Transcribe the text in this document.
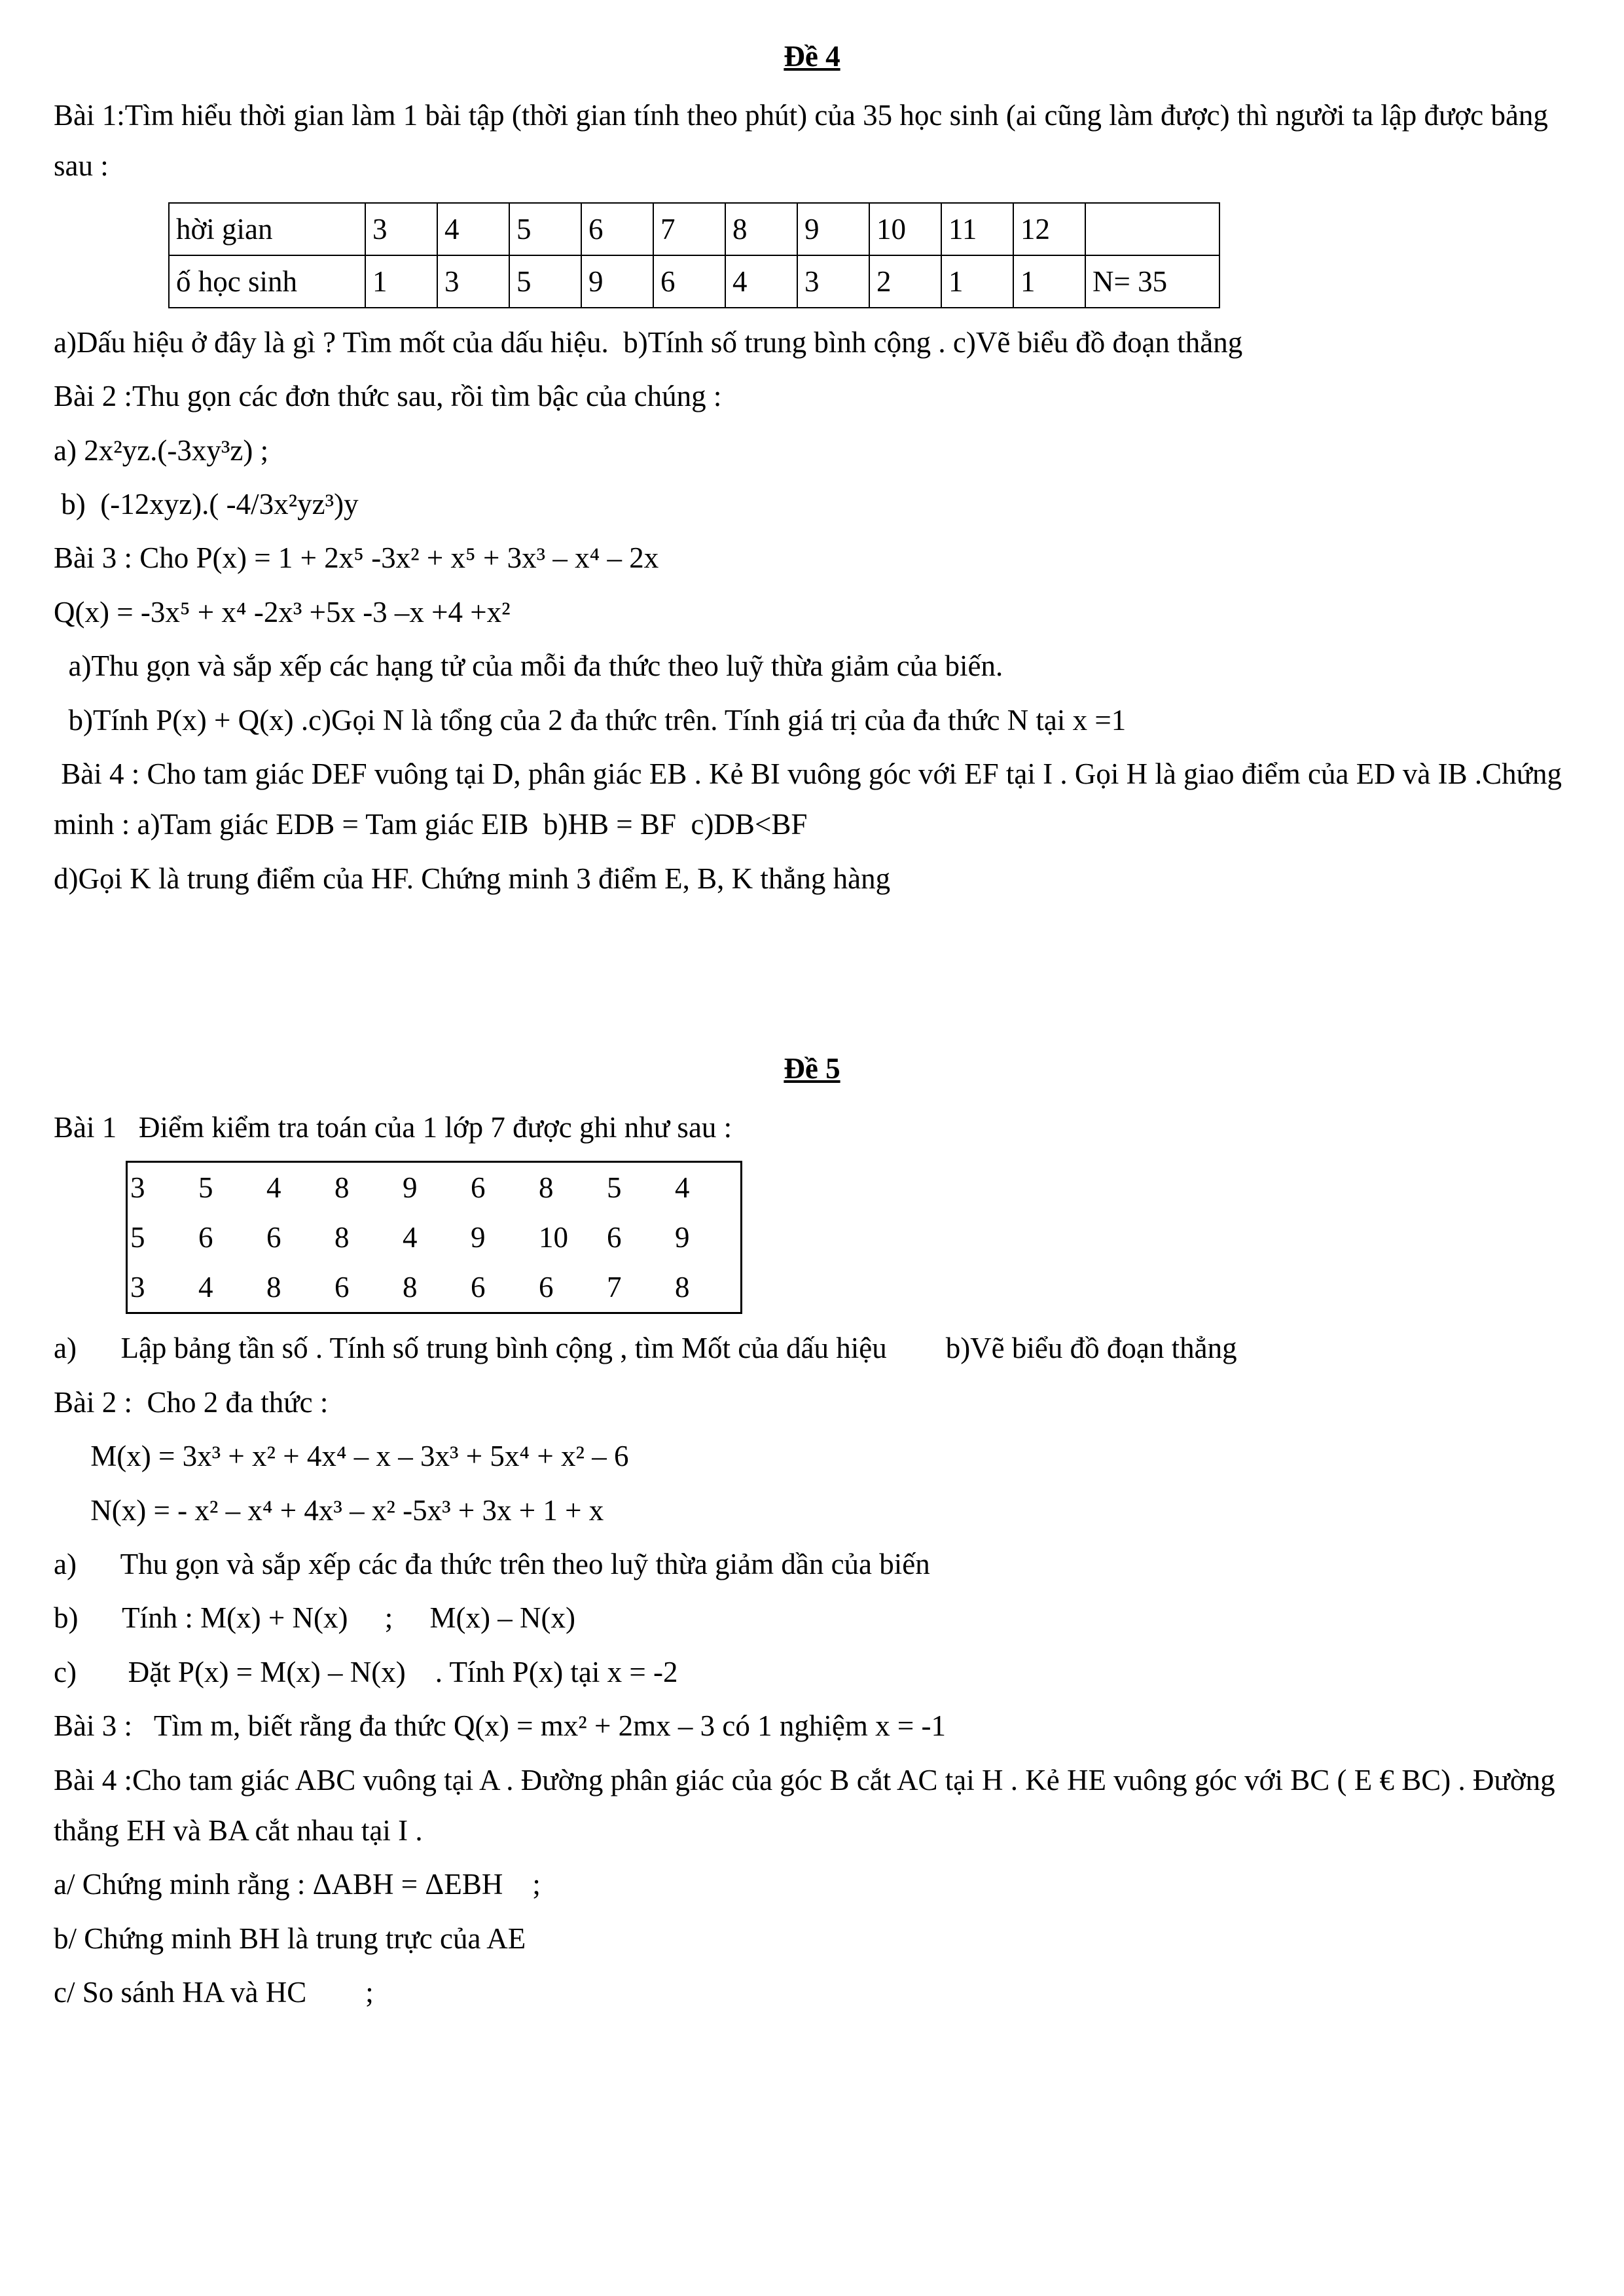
Đề 4

Bài 1:Tìm hiểu thời gian làm 1 bài tập (thời gian tính theo phút) của 35 học sinh (ai cũng làm được) thì người ta lập được bảng sau :

hời gian	3	4	5	6	7	8	9	10	11	12	
ố học sinh	1	3	5	9	6	4	3	2	1	1	N= 35

a)Dấu hiệu ở đây là gì ? Tìm mốt của dấu hiệu.  b)Tính số trung bình cộng . c)Vẽ biểu đồ đoạn thẳng

Bài 2 :Thu gọn các đơn thức sau, rồi tìm bậc của chúng :

a) 2x²yz.(-3xy³z) ;

b)  (-12xyz).( -4/3x²yz³)y

Bài 3 : Cho P(x) = 1 + 2x⁵ -3x² + x⁵ + 3x³ – x⁴ – 2x

Q(x) = -3x⁵ + x⁴ -2x³ +5x -3 –x +4 +x²

a)Thu gọn và sắp xếp các hạng tử của mỗi đa thức theo luỹ thừa giảm của biến.

b)Tính P(x) + Q(x) .c)Gọi N là tổng của 2 đa thức trên. Tính giá trị của đa thức N tại x =1

Bài 4 : Cho tam giác DEF vuông tại D, phân giác EB . Kẻ BI vuông góc với EF tại I . Gọi H là giao điểm của ED và IB .Chứng minh : a)Tam giác EDB = Tam giác EIB  b)HB = BF  c)DB<BF

d)Gọi K là trung điểm của HF. Chứng minh 3 điểm E, B, K thẳng hàng

Đề 5

Bài 1   Điểm kiểm tra toán của 1 lớp 7 được ghi như sau :

3	5	4	8	9	6	8	5	4
5	6	6	8	4	9	10	6	9
3	4	8	6	8	6	6	7	8

a)      Lập bảng tần số . Tính số trung bình cộng , tìm Mốt của dấu hiệu        b)Vẽ biểu đồ đoạn thẳng

Bài 2 :  Cho 2 đa thức :

M(x) = 3x³ + x² + 4x⁴ – x – 3x³ + 5x⁴ + x² – 6

N(x) = - x² – x⁴ + 4x³ – x² -5x³ + 3x + 1 + x

a)      Thu gọn và sắp xếp các đa thức trên theo luỹ thừa giảm dần của biến

b)      Tính : M(x) + N(x)     ;     M(x) – N(x)

c)       Đặt P(x) = M(x) – N(x)    . Tính P(x) tại x = -2

Bài 3 :   Tìm m, biết rằng đa thức Q(x) = mx² + 2mx – 3 có 1 nghiệm x = -1

Bài 4 :Cho tam giác ABC vuông tại A . Đường phân giác của góc B cắt AC tại H . Kẻ HE vuông góc với BC ( E € BC) . Đường thẳng EH và BA cắt nhau tại I .

a/ Chứng minh rằng : ΔABH = ΔEBH    ;

b/ Chứng minh BH là trung trực của AE

c/ So sánh HA và HC        ;
